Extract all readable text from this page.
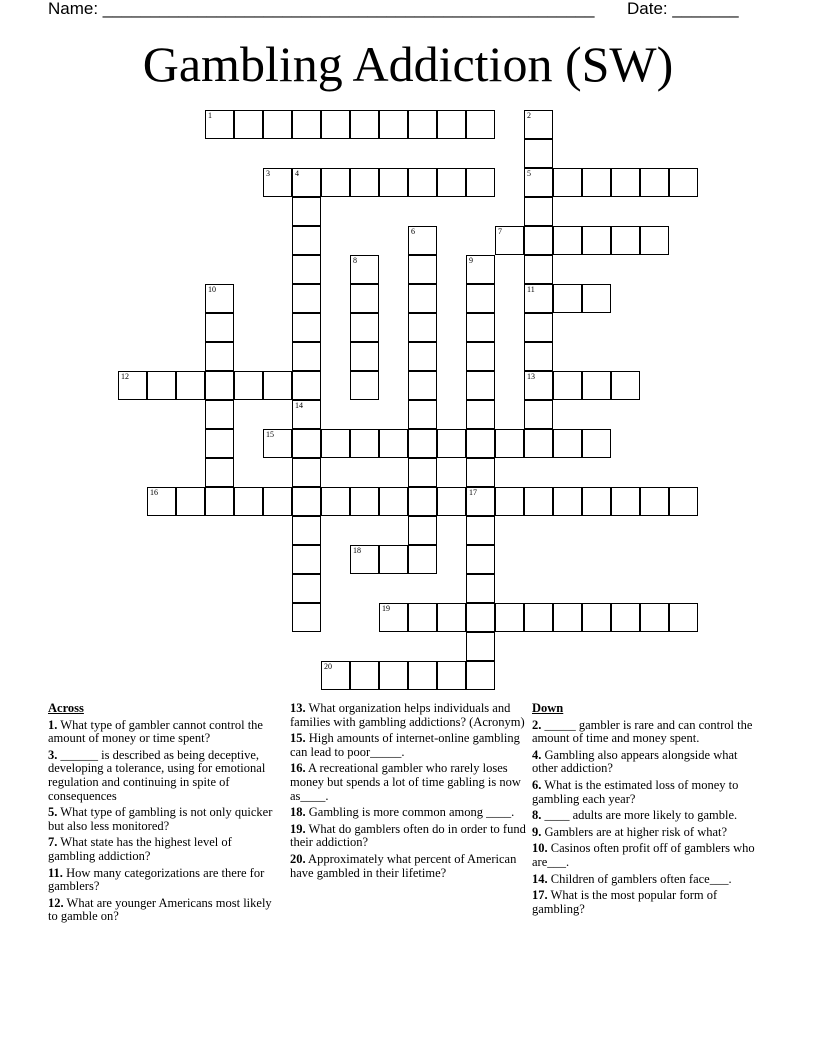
Name: ____________________________________________________ Date: _______
Gambling Addiction (SW)
1	2
5
11
13
3	4
14
6	7
8	9
17
10
12
15
16
18
19
20
Across
1. What type of gambler cannot control the amount of money or time spent?
3. ______ is described as being deceptive, developing a tolerance, using for emotional regulation and continuing in spite of consequences
5. What type of gambling is not only quicker but also less monitored?
7. What state has the highest level of gambling addiction?
11. How many categorizations are there for gamblers?
12. What are younger Americans most likely to gamble on?
13. What organization helps individuals and families with gambling addictions? (Acronym)
15. High amounts of internet-online gambling can lead to poor_____.
16. A recreational gambler who rarely loses money but spends a lot of time gabling is now as____.
18. Gambling is more common among ____.
19. What do gamblers often do in order to fund their addiction?
20. Approximately what percent of American have gambled in their lifetime?
Down
2. _____ gambler is rare and can control the amount of time and money spent.
4. Gambling also appears alongside what other addiction?
6. What is the estimated loss of money to gambling each year?
8. ____ adults are more likely to gamble.
9. Gamblers are at higher risk of what?
10. Casinos often profit off of gamblers who are___.
14. Children of gamblers often face___.
17. What is the most popular form of gambling?
